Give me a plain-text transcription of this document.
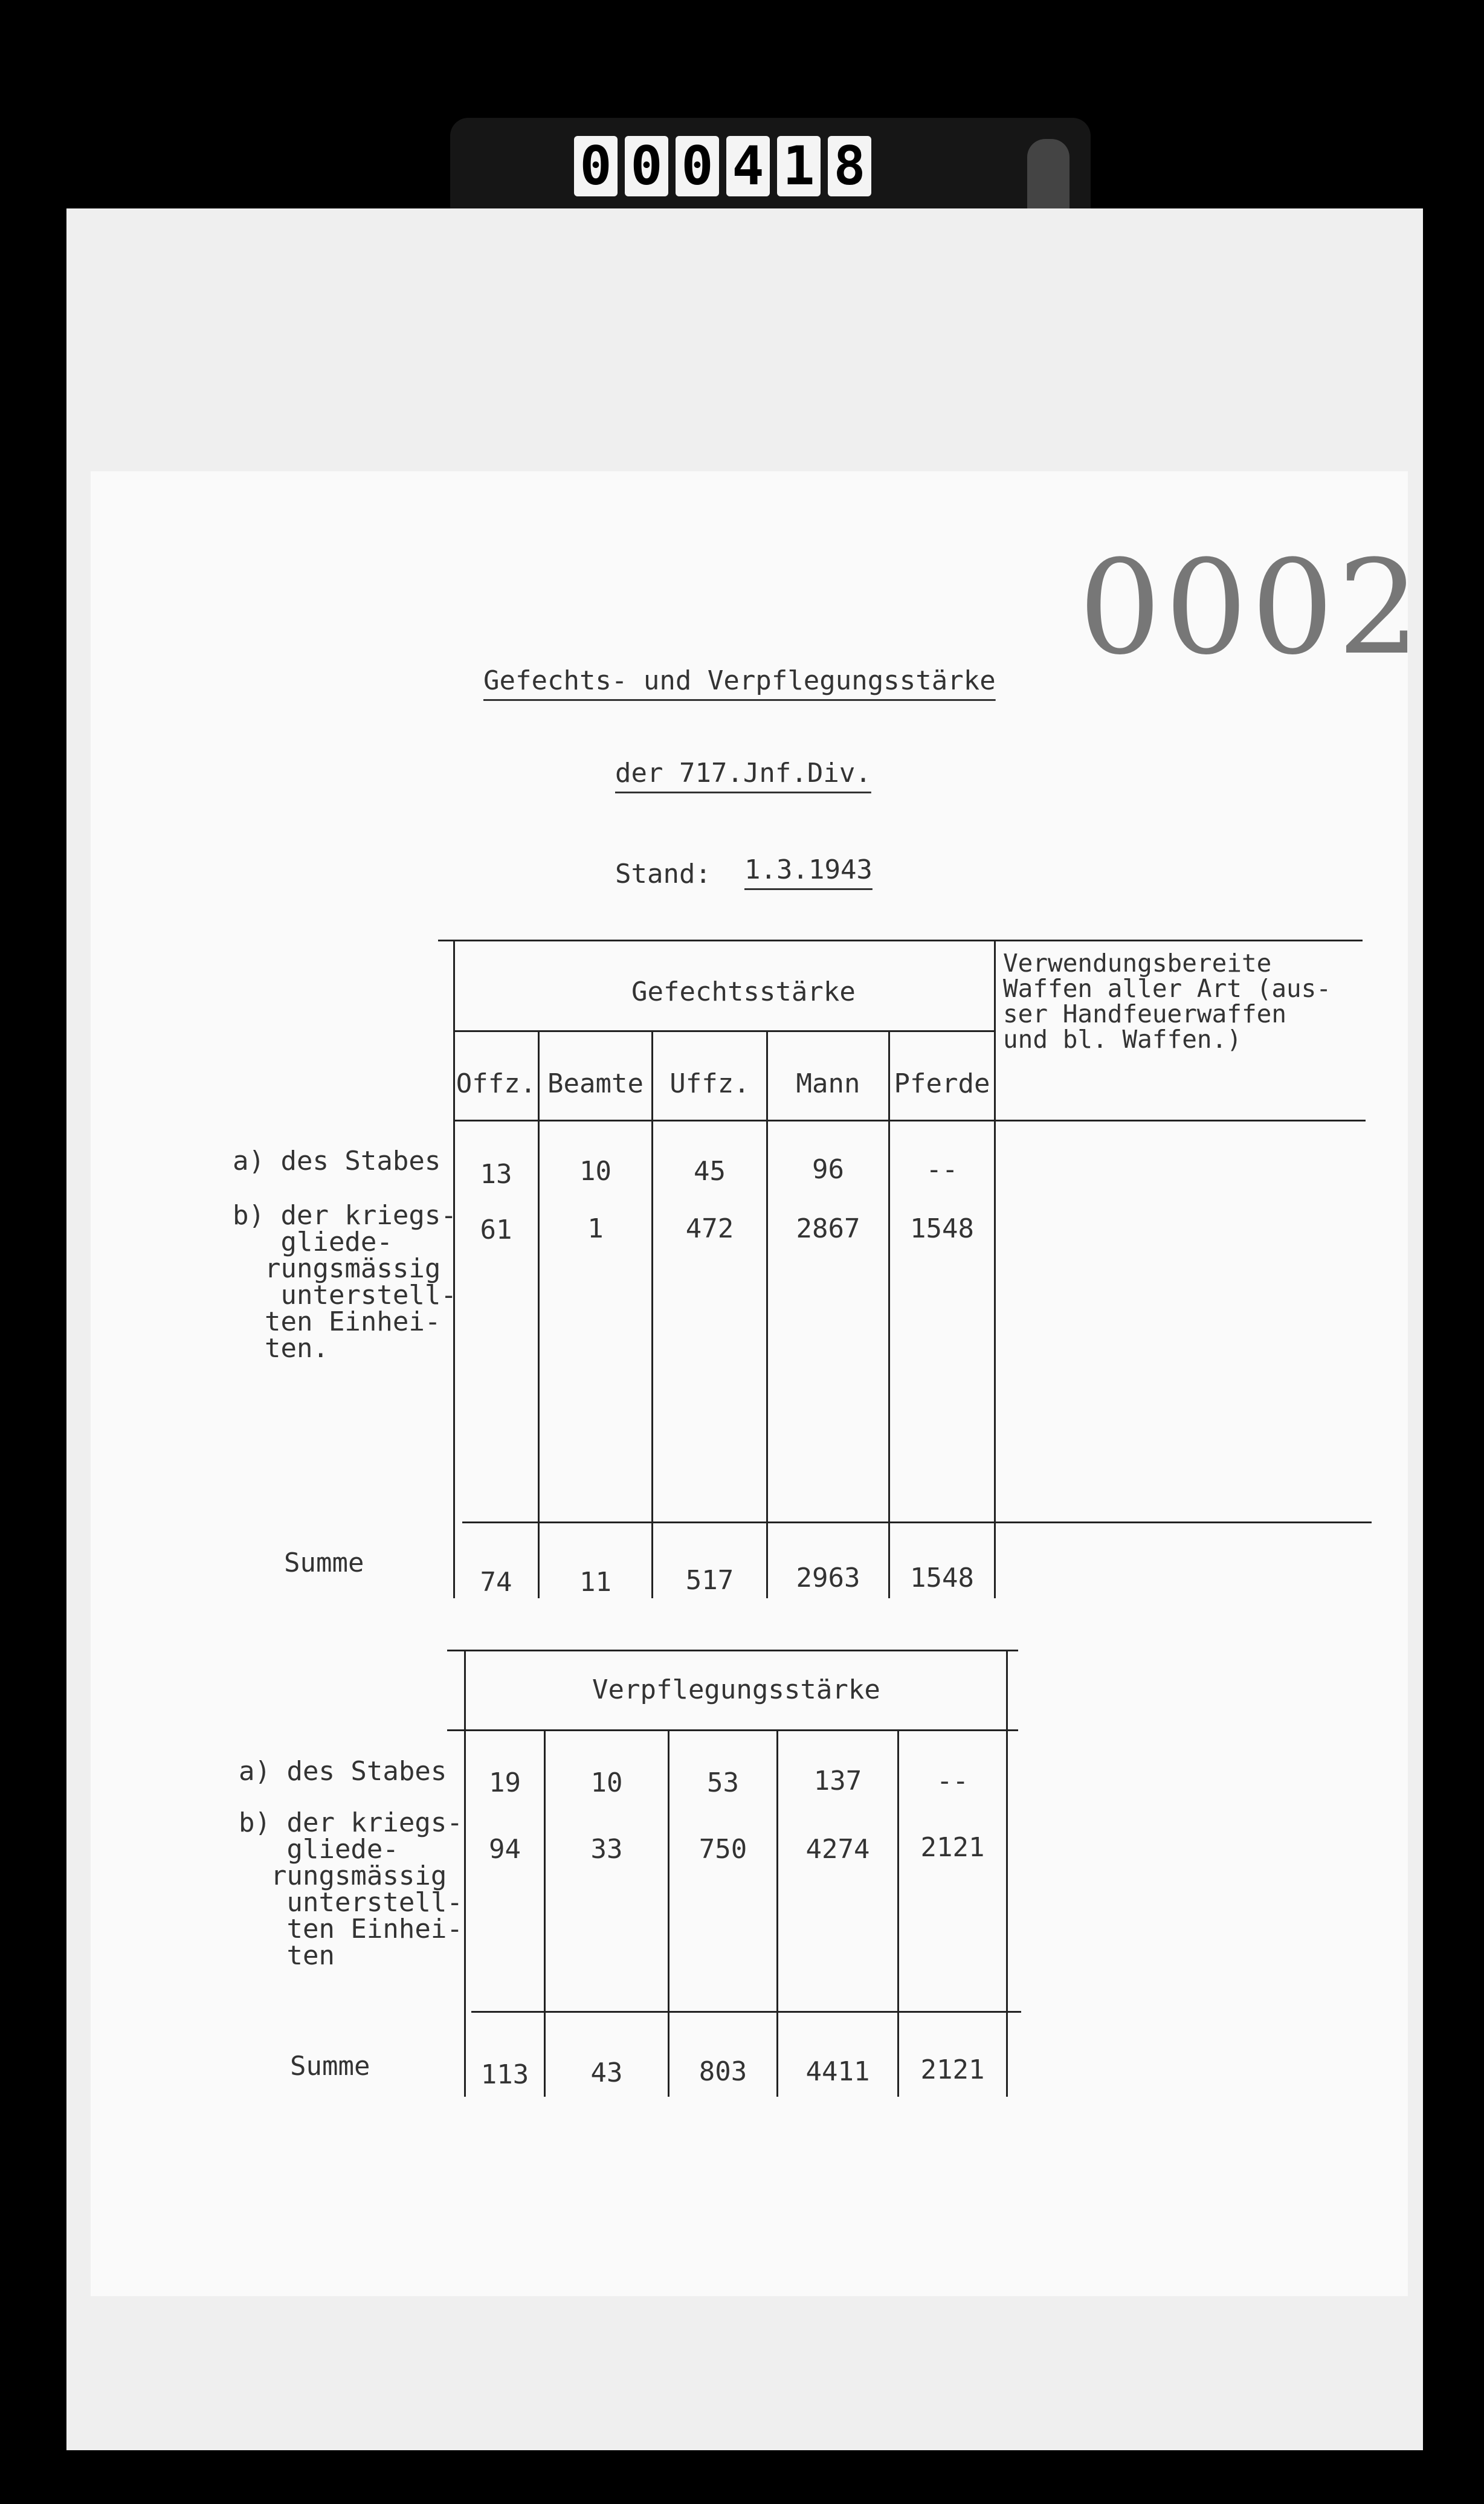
0 0 0 4 1 8
0002
Gefechts- und Verpflegungsstärke
der 717.Jnf.Div.
Stand: 1.3.1943
Gefechtsstärke
Verwendungsbereite
Waffen aller Art (aus-
ser Handfeuerwaffen
und bl. Waffen.)
Offz. Beamte Uffz.	Mann	Pferde
a) des Stabes	13	10	45	96	--
b) der kriegs-
gliede-
rungsmässig
unterstell-
ten Einhei-
ten.
61	1	472	2867	1548
Summe
74	11	517	2963	1548
Verpflegungsstärke
a) des Stabes	19	10	53	137	--
b) der kriegs-
gliede-
rungsmässig
unterstell-
ten Einhei-
ten
94	33	750	4274	2121
Summe	113	43	803	4411	2121
